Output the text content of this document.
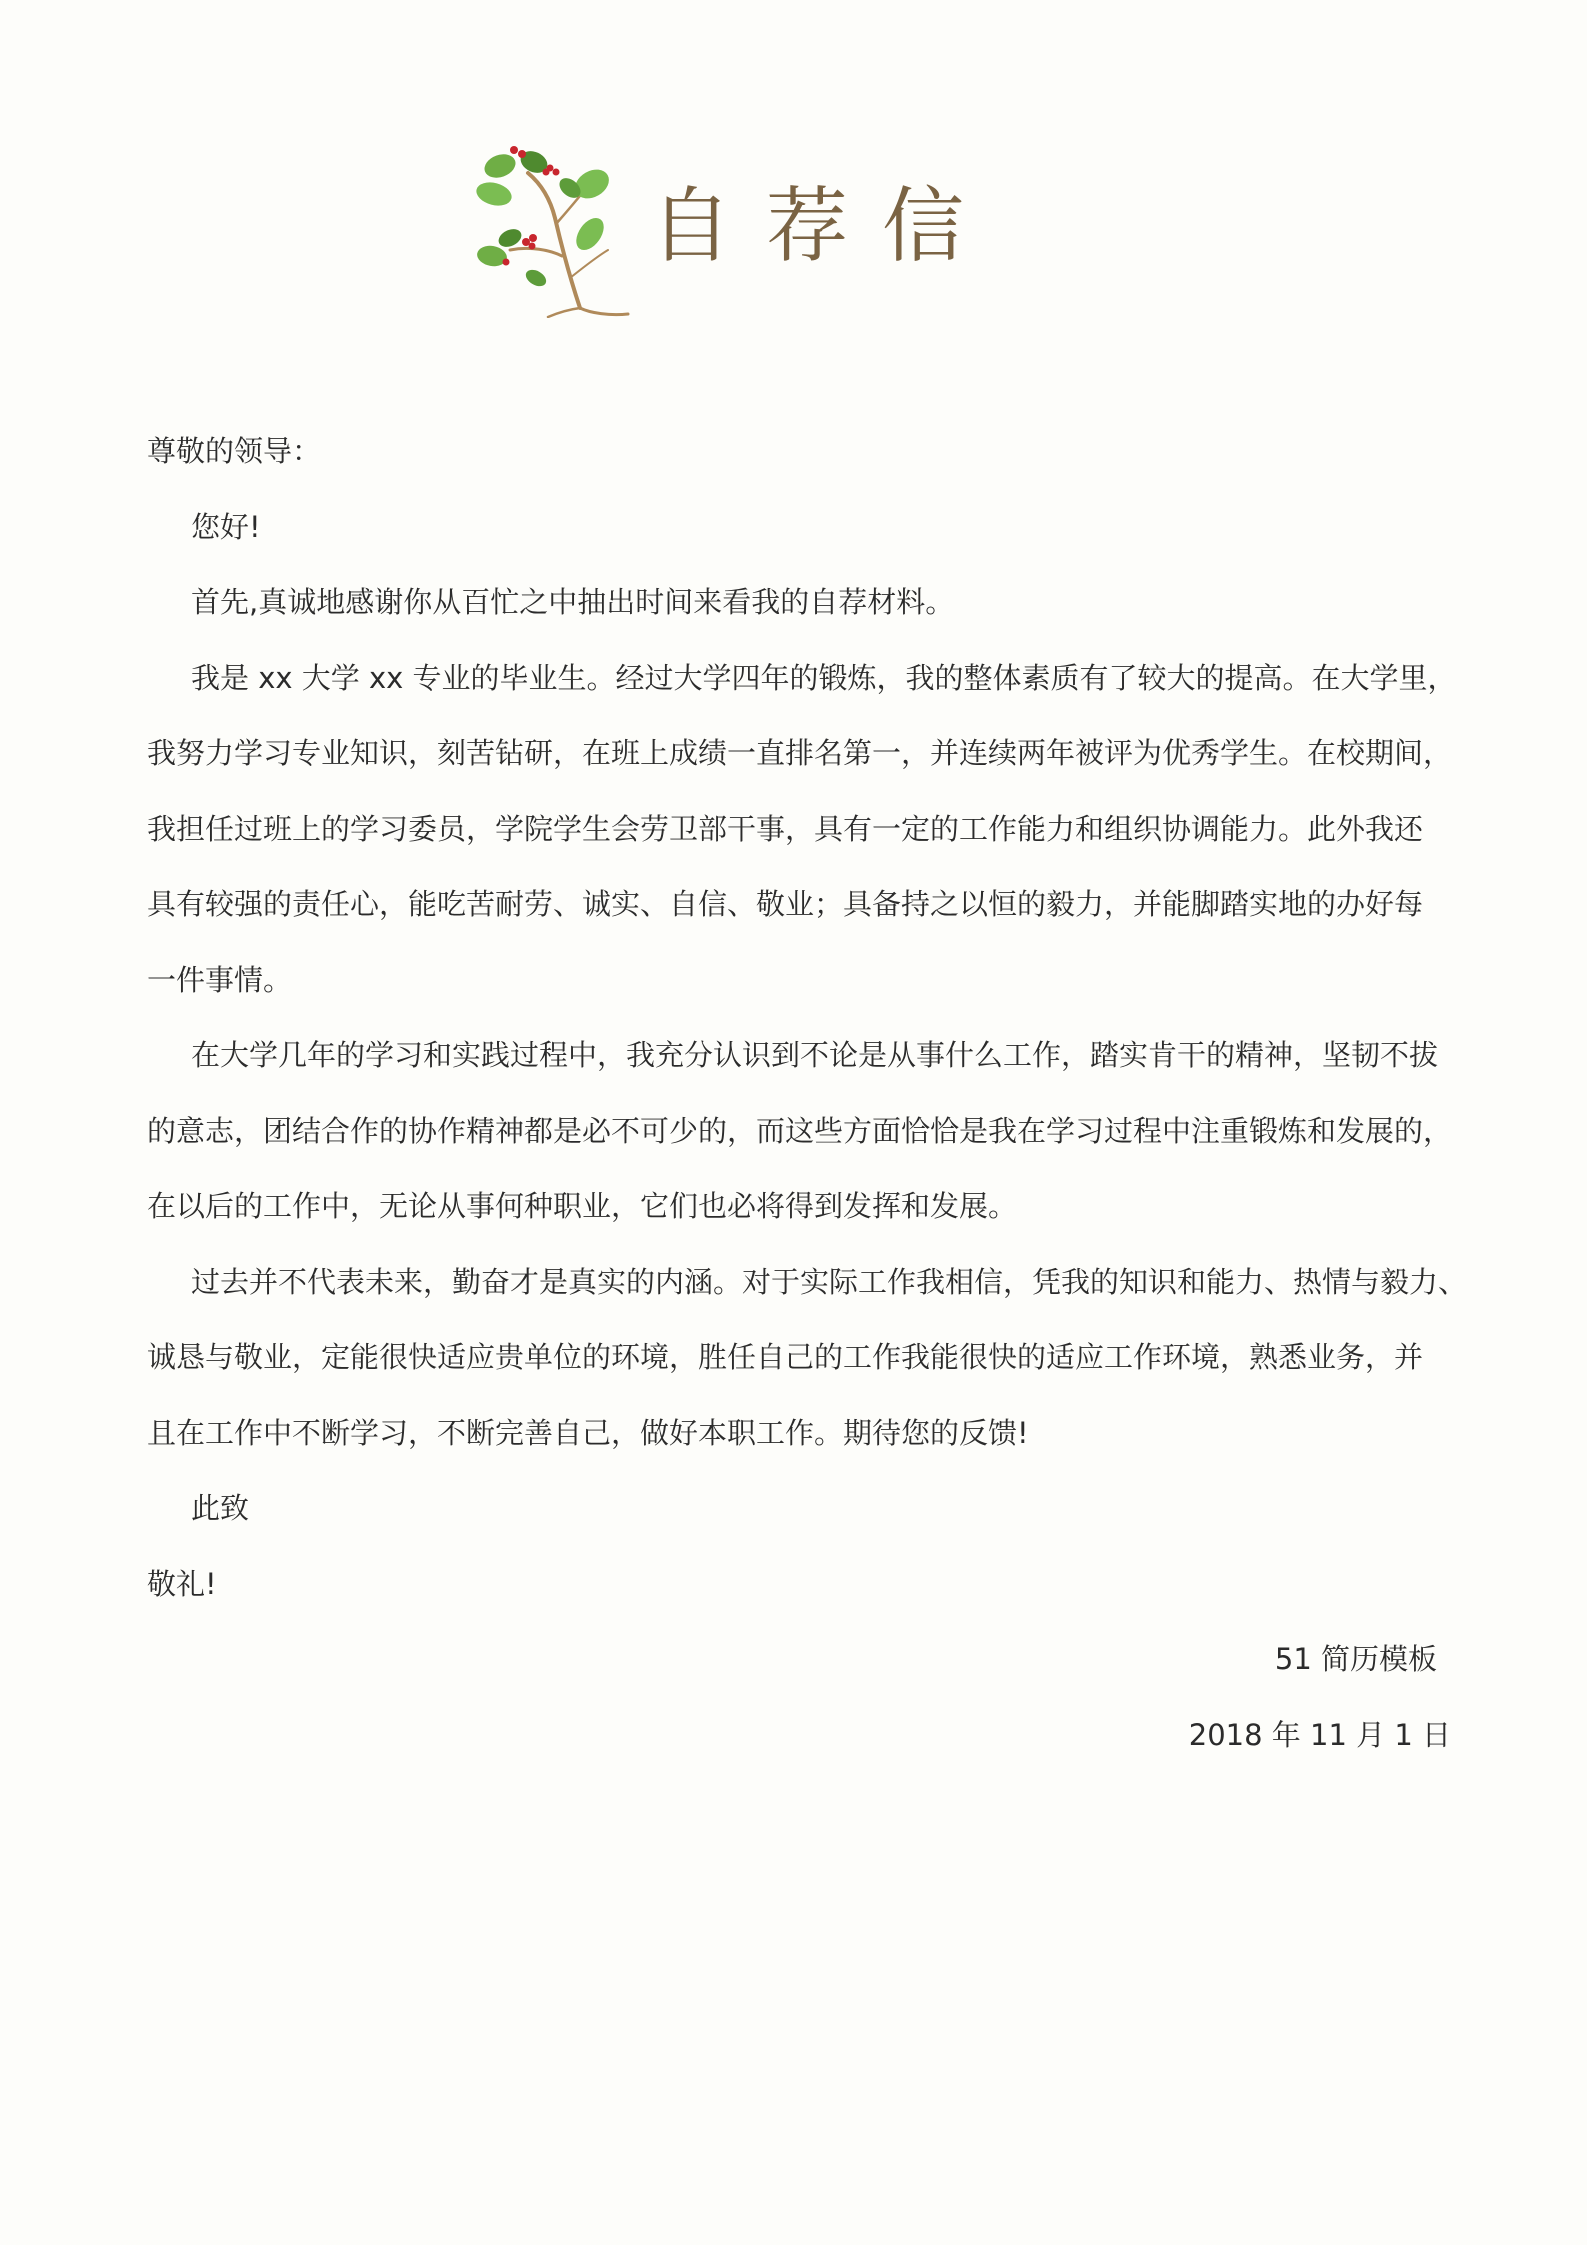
自荐信

尊敬的领导：

您好!

首先,真诚地感谢你从百忙之中抽出时间来看我的自荐材料。

我是 xx 大学 xx 专业的毕业生。经过大学四年的锻炼，我的整体素质有了较大的提高。在大学里，

我努力学习专业知识，刻苦钻研，在班上成绩一直排名第一，并连续两年被评为优秀学生。在校期间，

我担任过班上的学习委员，学院学生会劳卫部干事，具有一定的工作能力和组织协调能力。此外我还

具有较强的责任心，能吃苦耐劳、诚实、自信、敬业；具备持之以恒的毅力，并能脚踏实地的办好每

一件事情。

在大学几年的学习和实践过程中，我充分认识到不论是从事什么工作，踏实肯干的精神，坚韧不拔

的意志，团结合作的协作精神都是必不可少的，而这些方面恰恰是我在学习过程中注重锻炼和发展的，

在以后的工作中，无论从事何种职业，它们也必将得到发挥和发展。

过去并不代表未来，勤奋才是真实的内涵。对于实际工作我相信，凭我的知识和能力、热情与毅力、

诚恳与敬业，定能很快适应贵单位的环境，胜任自己的工作我能很快的适应工作环境，熟悉业务，并

且在工作中不断学习，不断完善自己，做好本职工作。期待您的反馈!

此致

敬礼!

51 简历模板

2018 年 11 月 1 日
